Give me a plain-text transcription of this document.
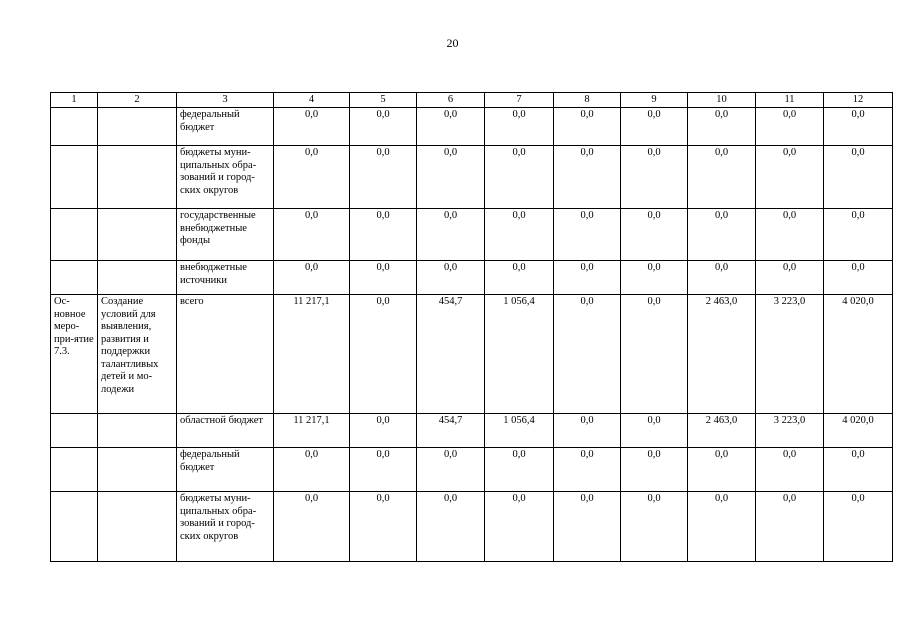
20
1	2	3	4	5	6	7	8	9	10	11	12
		федеральный бюджет	0,0	0,0	0,0	0,0	0,0	0,0	0,0	0,0	0,0
		бюджеты муни-ципальных обра-зований и город-ских округов	0,0	0,0	0,0	0,0	0,0	0,0	0,0	0,0	0,0
		государственные внебюджетные фонды	0,0	0,0	0,0	0,0	0,0	0,0	0,0	0,0	0,0
		внебюджетные источники	0,0	0,0	0,0	0,0	0,0	0,0	0,0	0,0	0,0
Ос-новное меро-при-ятие 7.3.	Создание условий для выявления, развития и поддержки талантливых детей и мо-лодежи	всего	11 217,1	0,0	454,7	1 056,4	0,0	0,0	2 463,0	3 223,0	4 020,0
		областной бюджет	11 217,1	0,0	454,7	1 056,4	0,0	0,0	2 463,0	3 223,0	4 020,0
		федеральный бюджет	0,0	0,0	0,0	0,0	0,0	0,0	0,0	0,0	0,0
		бюджеты муни-ципальных обра-зований и город-ских округов	0,0	0,0	0,0	0,0	0,0	0,0	0,0	0,0	0,0
